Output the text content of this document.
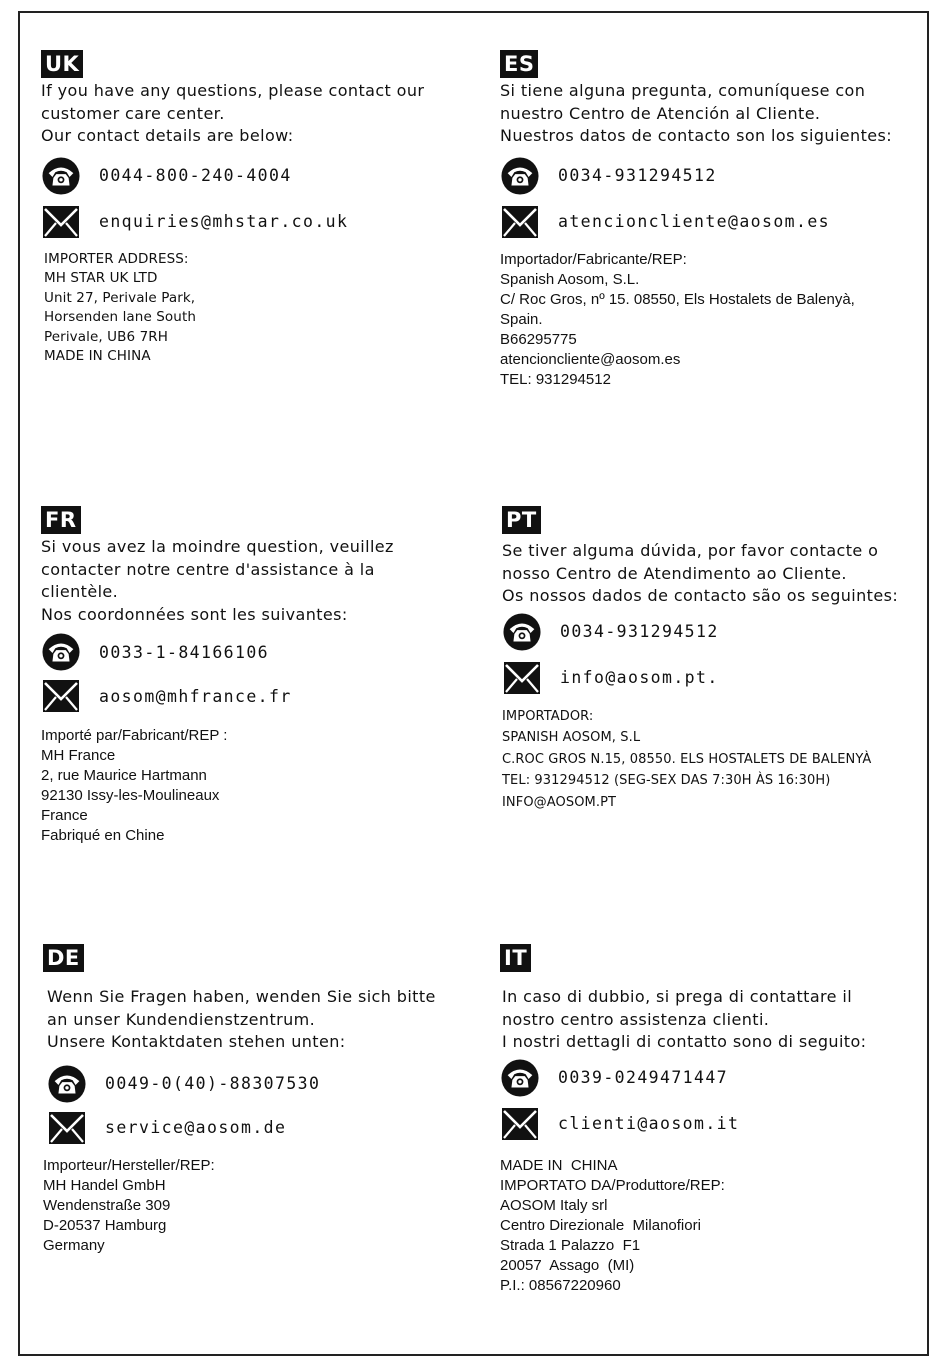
UK
If you have any questions, please contact our
customer care center.
Our contact details are below:
0044-800-240-4004
enquiries@mhstar.co.uk
IMPORTER ADDRESS:
MH STAR UK LTD
Unit 27, Perivale Park,
Horsenden lane South
Perivale, UB6 7RH
MADE IN CHINA
ES
Si tiene alguna pregunta, comuníquese con
nuestro Centro de Atención al Cliente.
Nuestros datos de contacto son los siguientes:
0034-931294512
atencioncliente@aosom.es
Importador/Fabricante/REP:
Spanish Aosom, S.L.
C/ Roc Gros, nº 15. 08550, Els Hostalets de Balenyà,
Spain.
B66295775
atencioncliente@aosom.es
TEL: 931294512
FR
Si vous avez la moindre question, veuillez
contacter notre centre d'assistance à la
clientèle.
Nos coordonnées sont les suivantes:
0033-1-84166106
aosom@mhfrance.fr
Importé par/Fabricant/REP :
MH France
2, rue Maurice Hartmann
92130 Issy-les-Moulineaux
France
Fabriqué en Chine
PT
Se tiver alguma dúvida, por favor contacte o
nosso Centro de Atendimento ao Cliente.
Os nossos dados de contacto são os seguintes:
0034-931294512
info@aosom.pt.
IMPORTADOR:
SPANISH AOSOM, S.L
C.ROC GROS N.15, 08550. ELS HOSTALETS DE BALENYÀ
TEL: 931294512 (SEG-SEX DAS 7:30H ÀS 16:30H)
INFO@AOSOM.PT
DE
Wenn Sie Fragen haben, wenden Sie sich bitte
an unser Kundendienstzentrum.
Unsere Kontaktdaten stehen unten:
0049-0(40)-88307530
service@aosom.de
Importeur/Hersteller/REP:
MH Handel GmbH
Wendenstraße 309
D-20537 Hamburg
Germany
IT
In caso di dubbio, si prega di contattare il
nostro centro assistenza clienti.
I nostri dettagli di contatto sono di seguito:
0039-0249471447
clienti@aosom.it
MADE IN  CHINA
IMPORTATO DA/Produttore/REP:
AOSOM Italy srl
Centro Direzionale  Milanofiori
Strada 1 Palazzo  F1
20057  Assago  (MI)
P.I.: 08567220960
